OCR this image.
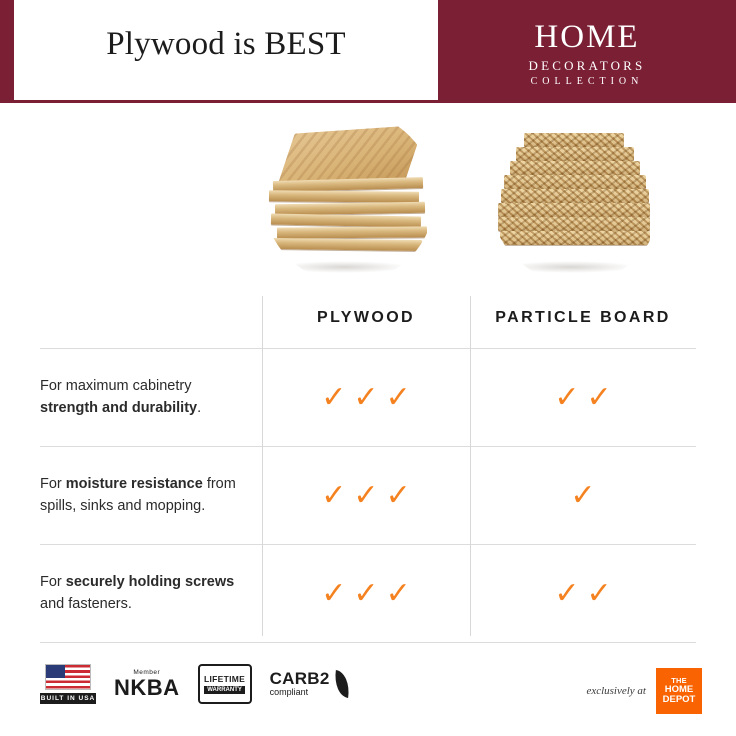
Plywood is BEST	HOME
DECORATORS
COLLECTION
PLYWOOD	PARTICLE BOARD
For maximum cabinetry strength and durability.	✓ ✓ ✓	✓ ✓
For moisture resistance from spills, sinks and mopping.	✓ ✓ ✓	✓
For securely holding screws and fasteners.	✓ ✓ ✓	✓ ✓
BUILT IN USA
Member
NKBA	LIFETIME
WARRANTY
CARB2
compliant	exclusively at
THE
HOME
DEPOT
